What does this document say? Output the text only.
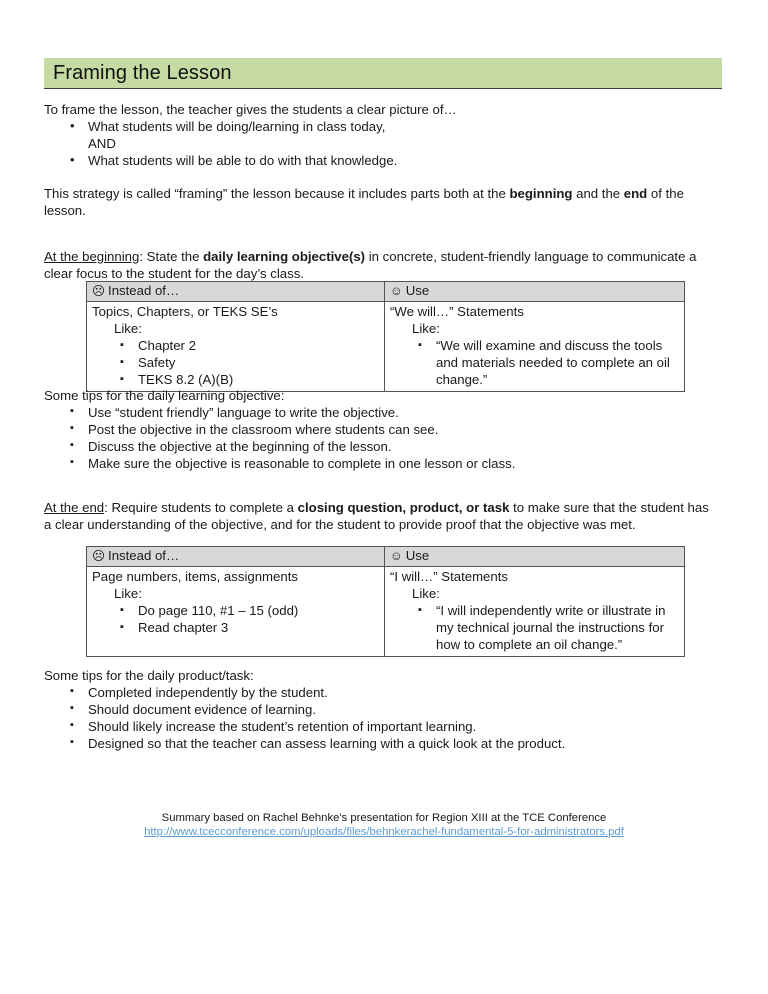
Framing the Lesson
To frame the lesson, the teacher gives the students a clear picture of…
• What students will be doing/learning in class today,
AND
• What students will be able to do with that knowledge.
This strategy is called “framing” the lesson because it includes parts both at the beginning and the end of the lesson.
At the beginning: State the daily learning objective(s) in concrete, student-friendly language to communicate a clear focus to the student for the day’s class.
☹ Instead of…	☺ Use

Topics, Chapters, or TEKS SE’s
Like:
▪ Chapter 2
▪ Safety
▪ TEKS 8.2 (A)(B)

“We will…” Statements
Like:
▪ “We will examine and discuss the tools and materials needed to complete an oil change.”
Some tips for the daily learning objective:
▪ Use “student friendly” language to write the objective.
▪ Post the objective in the classroom where students can see.
▪ Discuss the objective at the beginning of the lesson.
▪ Make sure the objective is reasonable to complete in one lesson or class.
At the end: Require students to complete a closing question, product, or task to make sure that the student has a clear understanding of the objective, and for the student to provide proof that the objective was met.
☹ Instead of…	☺ Use

Page numbers, items, assignments
Like:
▪ Do page 110, #1 – 15 (odd)
▪ Read chapter 3

“I will…” Statements
Like:
▪ “I will independently write or illustrate in my technical journal the instructions for how to complete an oil change.”
Some tips for the daily product/task:
▪ Completed independently by the student.
▪ Should document evidence of learning.
▪ Should likely increase the student’s retention of important learning.
▪ Designed so that the teacher can assess learning with a quick look at the product.
Summary based on Rachel Behnke's presentation for Region XIII at the TCE Conference
http://www.tcecconference.com/uploads/files/behnkerachel-fundamental-5-for-administrators.pdf
